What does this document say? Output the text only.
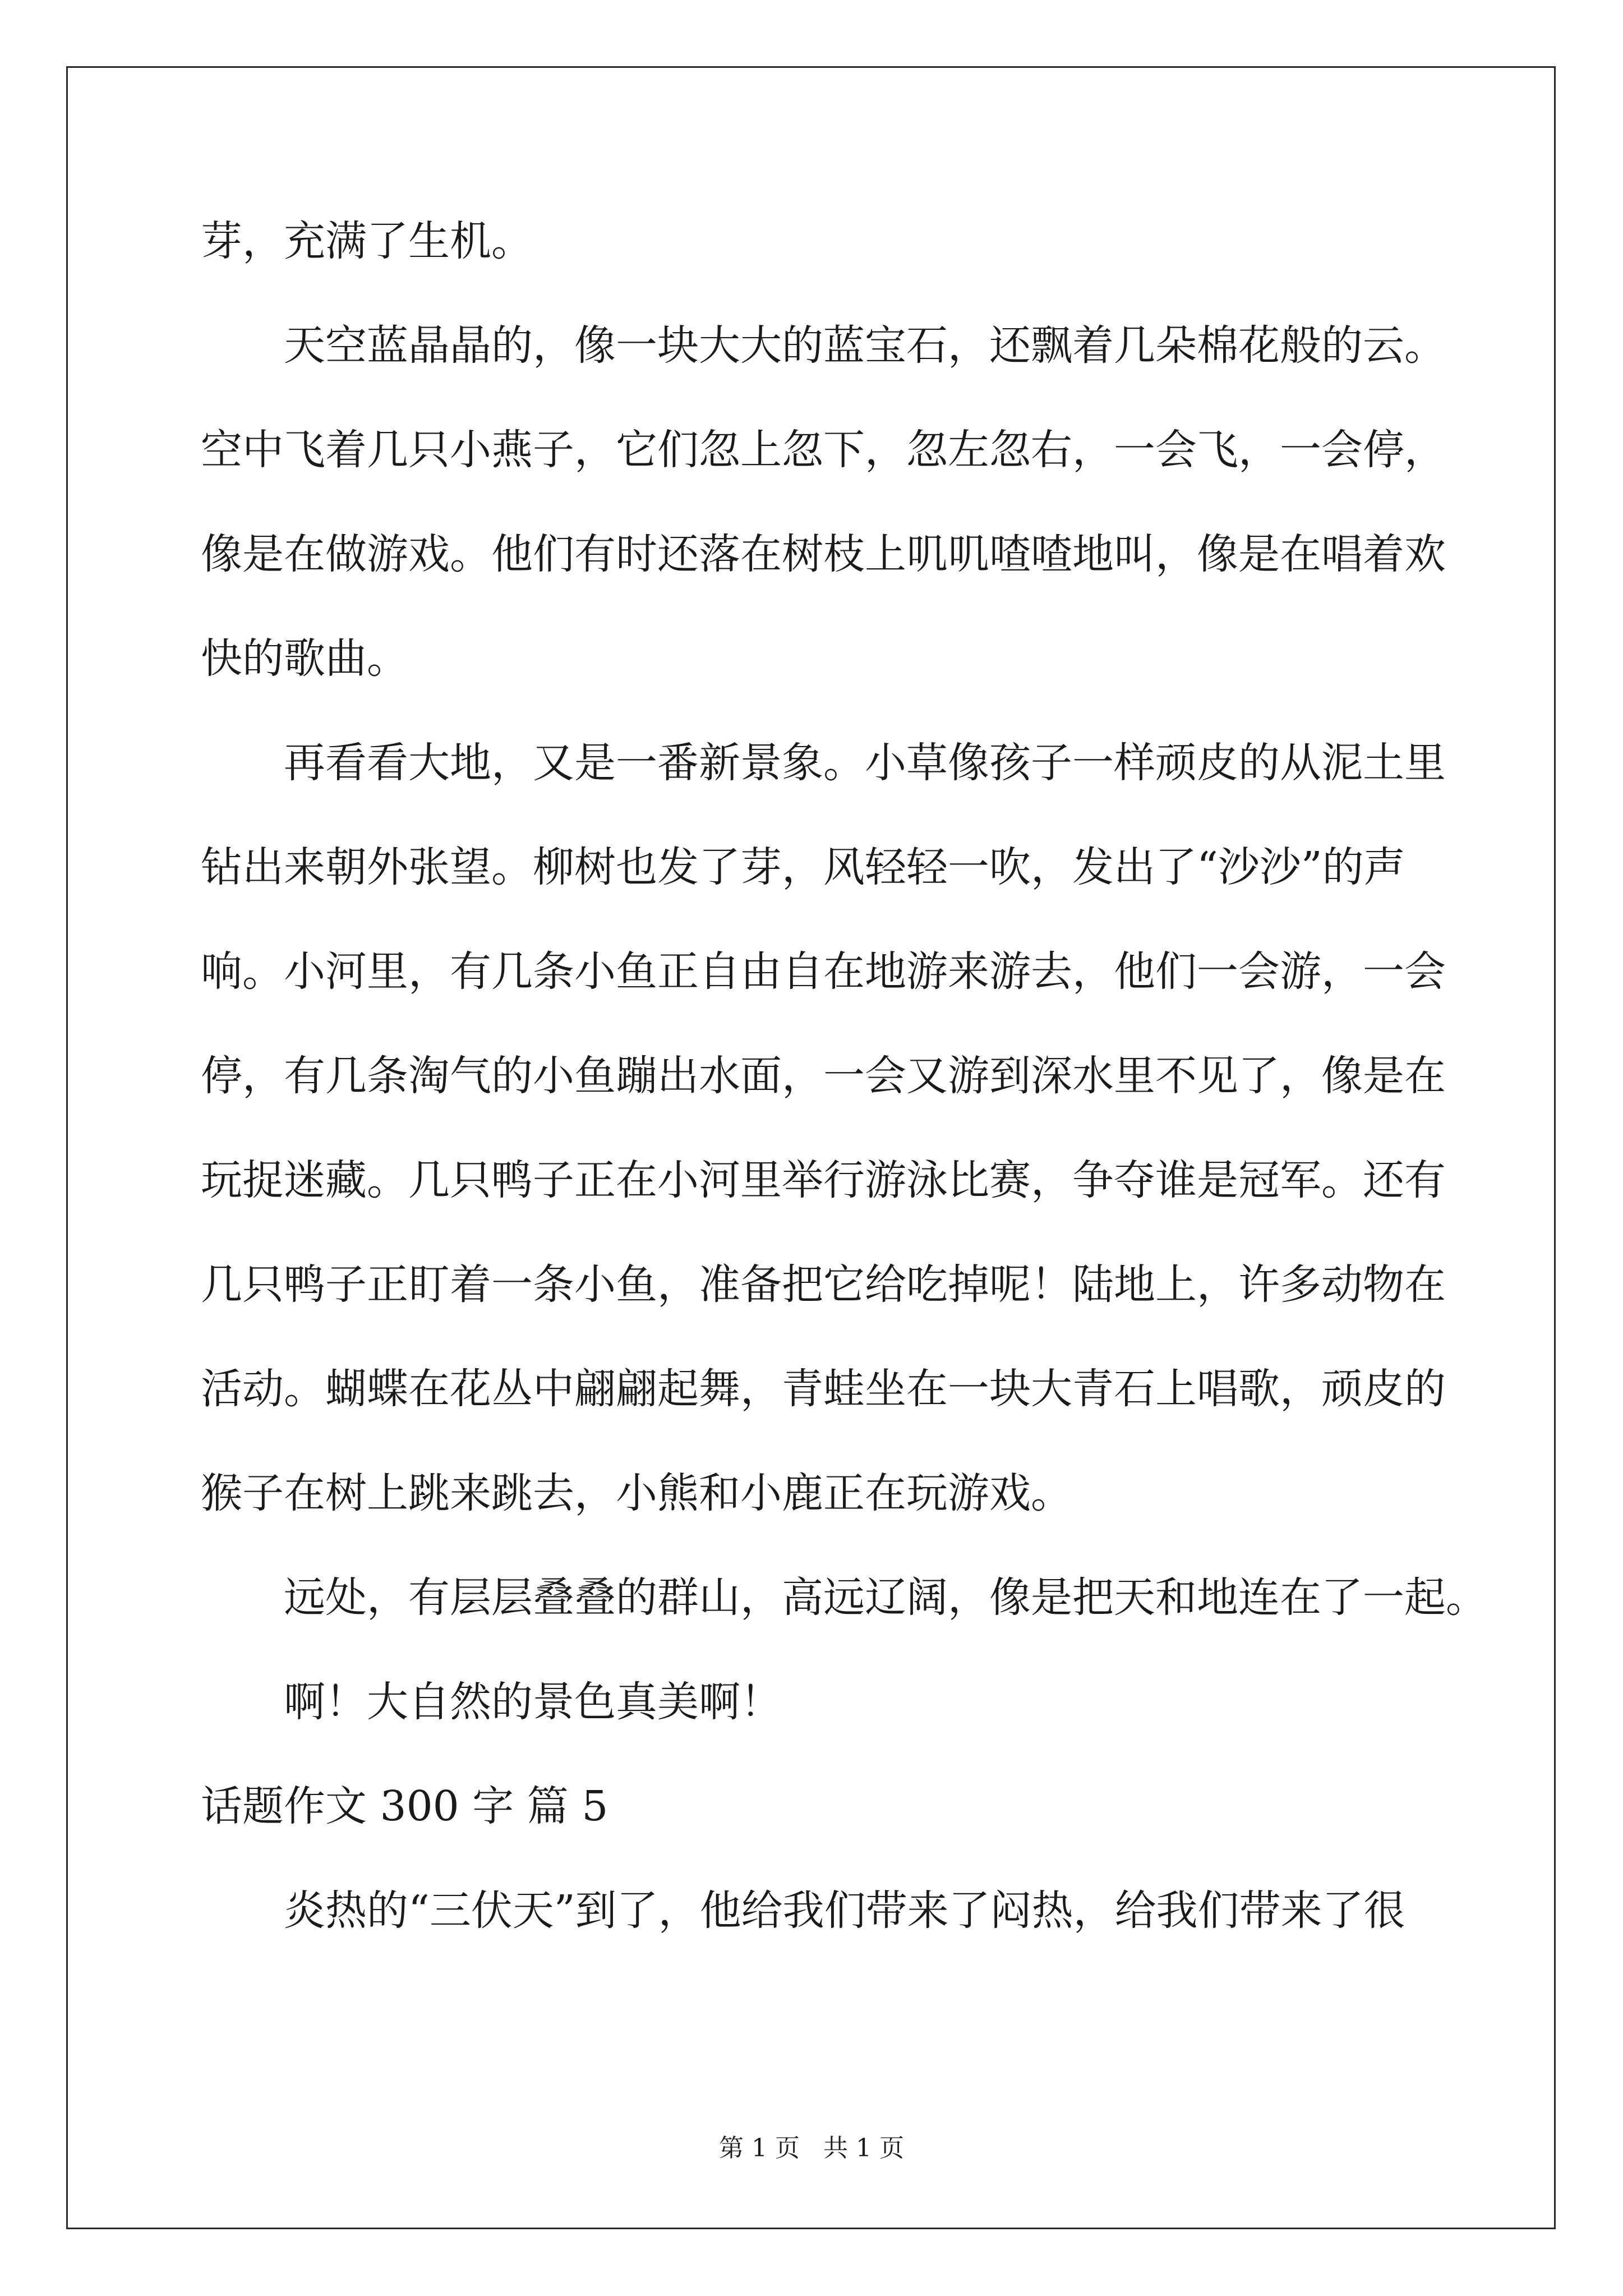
芽，充满了生机。
天空蓝晶晶的，像一块大大的蓝宝石，还飘着几朵棉花般的云。
空中飞着几只小燕子，它们忽上忽下，忽左忽右，一会飞，一会停，
像是在做游戏。他们有时还落在树枝上叽叽喳喳地叫，像是在唱着欢
快的歌曲。
再看看大地，又是一番新景象。小草像孩子一样顽皮的从泥土里
钻出来朝外张望。柳树也发了芽，风轻轻一吹，发出了“沙沙”的声
响。小河里，有几条小鱼正自由自在地游来游去，他们一会游，一会
停，有几条淘气的小鱼蹦出水面，一会又游到深水里不见了，像是在
玩捉迷藏。几只鸭子正在小河里举行游泳比赛，争夺谁是冠军。还有
几只鸭子正盯着一条小鱼，准备把它给吃掉呢！陆地上，许多动物在
活动。蝴蝶在花丛中翩翩起舞，青蛙坐在一块大青石上唱歌，顽皮的
猴子在树上跳来跳去，小熊和小鹿正在玩游戏。
远处，有层层叠叠的群山，高远辽阔，像是把天和地连在了一起。
啊！大自然的景色真美啊！
话题作文 300 字 篇 5
炎热的“三伏天”到了，他给我们带来了闷热，给我们带来了很
第 1 页 共 1 页
